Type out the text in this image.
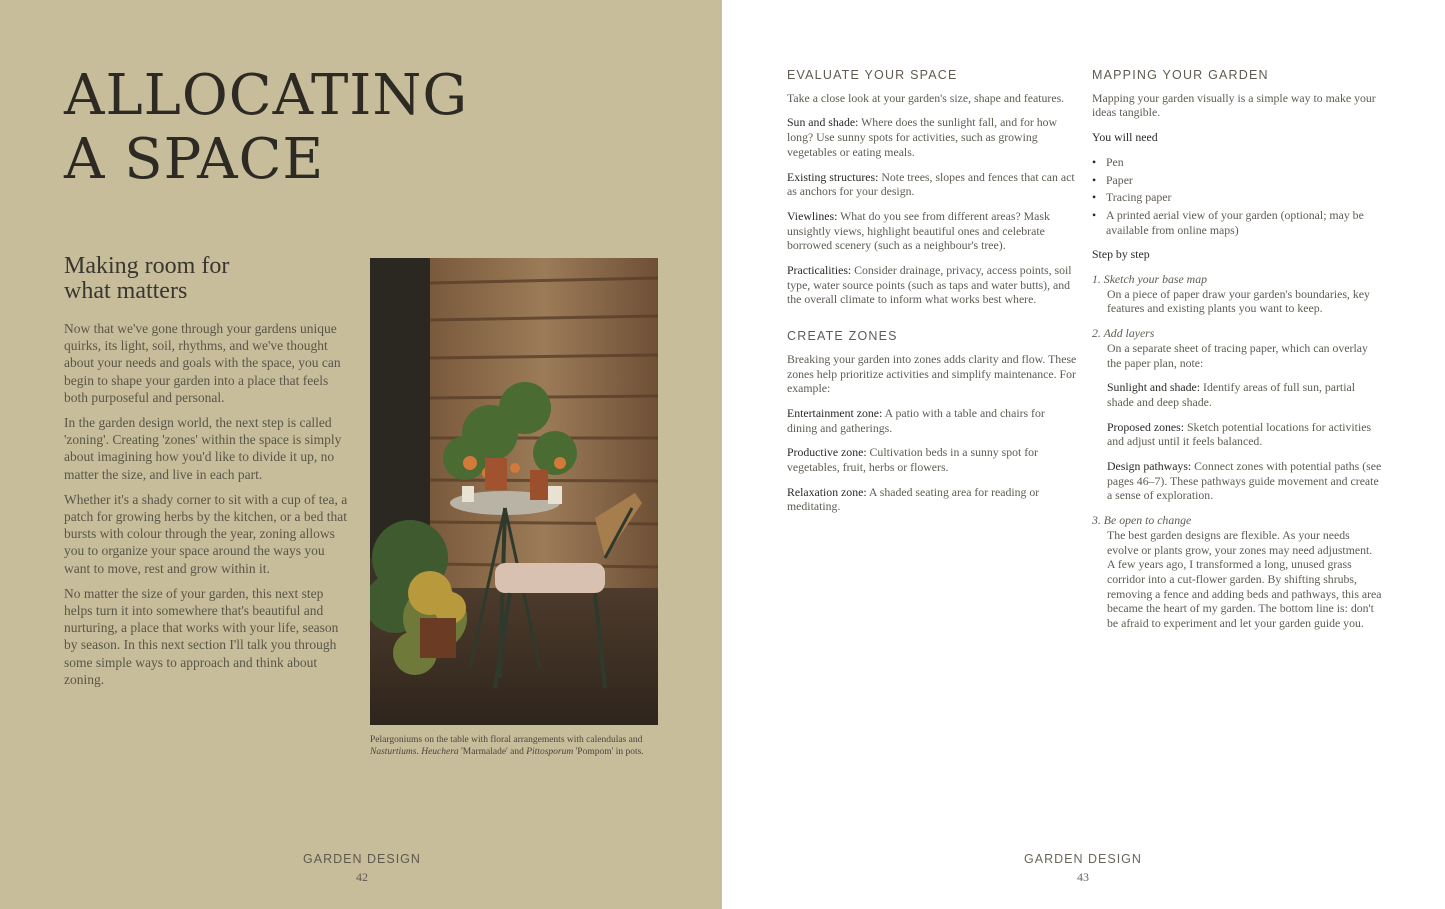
ALLOCATING
A SPACE
Making room for
what matters

Now that we've gone through your gardens unique quirks, its light, soil, rhythms, and we've thought about your needs and goals with the space, you can begin to shape your garden into a place that feels both purposeful and personal.

In the garden design world, the next step is called 'zoning'. Creating 'zones' within the space is simply about imagining how you'd like to divide it up, no matter the size, and live in each part.

Whether it's a shady corner to sit with a cup of tea, a patch for growing herbs by the kitchen, or a bed that bursts with colour through the year, zoning allows you to organize your space around the ways you want to move, rest and grow within it.

No matter the size of your garden, this next step helps turn it into somewhere that's beautiful and nurturing, a place that works with your life, season by season. In this next section I'll talk you through some simple ways to approach and think about zoning.

Pelargoniums on the table with floral arrangements with calendulas and Nasturtiums. Heuchera 'Marmalade' and Pittosporum 'Pompom' in pots.

GARDEN DESIGN
42
EVALUATE YOUR SPACE

Take a close look at your garden's size, shape and features.

Sun and shade: Where does the sunlight fall, and for how long? Use sunny spots for activities, such as growing vegetables or eating meals.

Existing structures: Note trees, slopes and fences that can act as anchors for your design.

Viewlines: What do you see from different areas? Mask unsightly views, highlight beautiful ones and celebrate borrowed scenery (such as a neighbour's tree).

Practicalities: Consider drainage, privacy, access points, soil type, water source points (such as taps and water butts), and the overall climate to inform what works best where.

CREATE ZONES

Breaking your garden into zones adds clarity and flow. These zones help prioritize activities and simplify maintenance. For example:

Entertainment zone: A patio with a table and chairs for dining and gatherings.

Productive zone: Cultivation beds in a sunny spot for vegetables, fruit, herbs or flowers.

Relaxation zone: A shaded seating area for reading or meditating.

MAPPING YOUR GARDEN

Mapping your garden visually is a simple way to make your ideas tangible.

You will need

• Pen
• Paper
• Tracing paper
• A printed aerial view of your garden (optional; may be available from online maps)

Step by step

1. Sketch your base map
On a piece of paper draw your garden's boundaries, key features and existing plants you want to keep.
2. Add layers
On a separate sheet of tracing paper, which can overlay the paper plan, note:

Sunlight and shade: Identify areas of full sun, partial shade and deep shade.

Proposed zones: Sketch potential locations for activities and adjust until it feels balanced.

Design pathways: Connect zones with potential paths (see pages 46–7). These pathways guide movement and create a sense of exploration.

3. Be open to change
The best garden designs are flexible. As your needs evolve or plants grow, your zones may need adjustment. A few years ago, I transformed a long, unused grass corridor into a cut-flower garden. By shifting shrubs, removing a fence and adding beds and pathways, this area became the heart of my garden. The bottom line is: don't be afraid to experiment and let your garden guide you.
GARDEN DESIGN
43
